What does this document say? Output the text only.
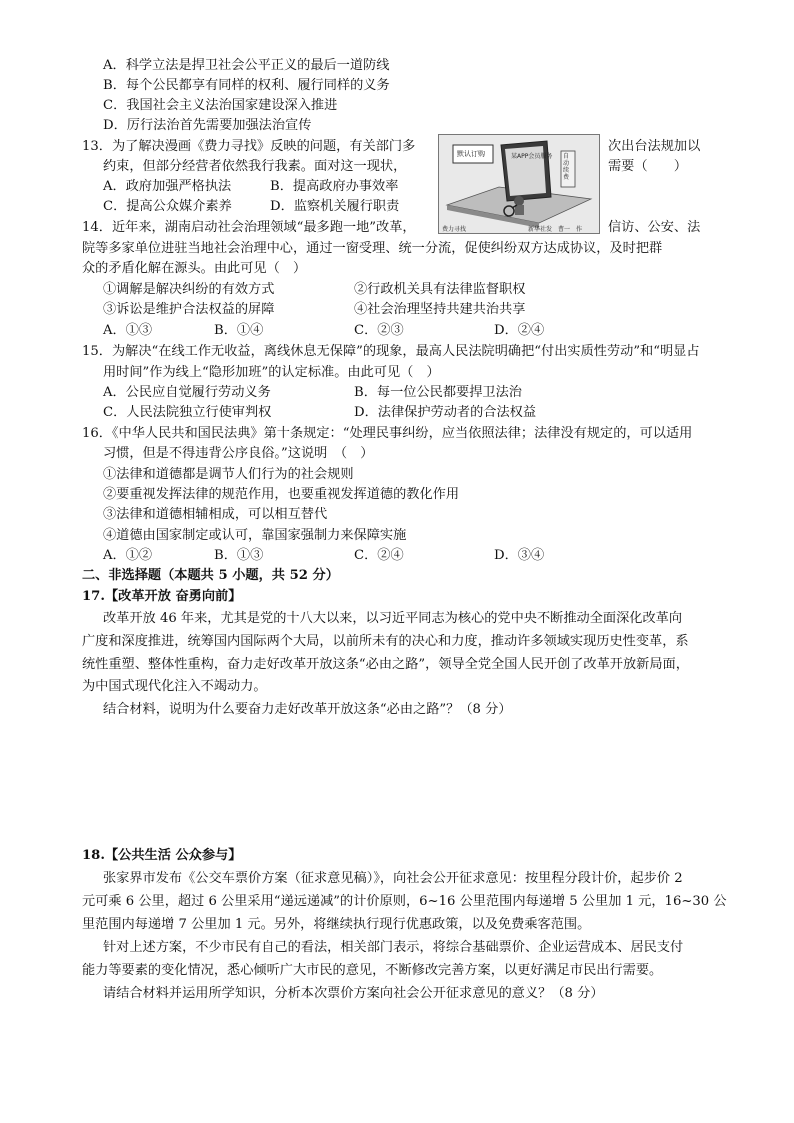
A．科学立法是捍卫社会公平正义的最后一道防线
B．每个公民都享有同样的权利、履行同样的义务
C．我国社会主义法治国家建设深入推进
D．厉行法治首先需要加强法治宣传
13．为了解决漫画《费力寻找》反映的问题，有关部门多	次出台法规加以
约束，但部分经营者依然我行我素。面对这一现状，	需要（　　）
A．政府加强严格执法	B．提高政府办事效率
C．提高公众媒介素养	D．监察机关履行职责
默认订购	某APP会员服务 自动续费
费力寻找	新华社发　曹一　作
14．近年来，湖南启动社会治理领域“最多跑一地”改革，	信访、公安、法
院等多家单位进驻当地社会治理中心，通过一窗受理、统一分流，促使纠纷双方达成协议，及时把群
众的矛盾化解在源头。由此可见（　）
①调解是解决纠纷的有效方式	②行政机关具有法律监督职权
③诉讼是维护合法权益的屏障	④社会治理坚持共建共治共享
A．①③	B．①④	C．②③	D．②④
15．为解决“在线工作无收益，离线休息无保障”的现象，最高人民法院明确把“付出实质性劳动”和“明显占
用时间”作为线上“隐形加班”的认定标准。由此可见（　）
A．公民应自觉履行劳动义务	B．每一位公民都要捍卫法治
C．人民法院独立行使审判权	D．法律保护劳动者的合法权益
16．《中华人民共和国民法典》第十条规定：“处理民事纠纷，应当依照法律；法律没有规定的，可以适用
习惯，但是不得违背公序良俗。”这说明　（　）
①法律和道德都是调节人们行为的社会规则
②要重视发挥法律的规范作用，也要重视发挥道德的教化作用
③法律和道德相辅相成，可以相互替代
④道德由国家制定或认可，靠国家强制力来保障实施
A．①②	B．①③	C．②④	D．③④
二、非选择题（本题共 5 小题，共 52 分）
17.【改革开放 奋勇向前】
改革开放 46 年来，尤其是党的十八大以来，以习近平同志为核心的党中央不断推动全面深化改革向
广度和深度推进，统筹国内国际两个大局，以前所未有的决心和力度，推动许多领域实现历史性变革，系
统性重塑、整体性重构，奋力走好改革开放这条“必由之路”，领导全党全国人民开创了改革开放新局面，
为中国式现代化注入不竭动力。
结合材料，说明为什么要奋力走好改革开放这条“必由之路”？（8 分）
18.【公共生活 公众参与】
张家界市发布《公交车票价方案（征求意见稿）》，向社会公开征求意见：按里程分段计价，起步价 2
元可乘 6 公里，超过 6 公里采用“递远递减”的计价原则，6~16 公里范围内每递增 5 公里加 1 元，16~30 公
里范围内每递增 7 公里加 1 元。另外，将继续执行现行优惠政策，以及免费乘客范围。
针对上述方案，不少市民有自己的看法，相关部门表示，将综合基础票价、企业运营成本、居民支付
能力等要素的变化情况，悉心倾听广大市民的意见，不断修改完善方案，以更好满足市民出行需要。
请结合材料并运用所学知识，分析本次票价方案向社会公开征求意见的意义？（8 分）
